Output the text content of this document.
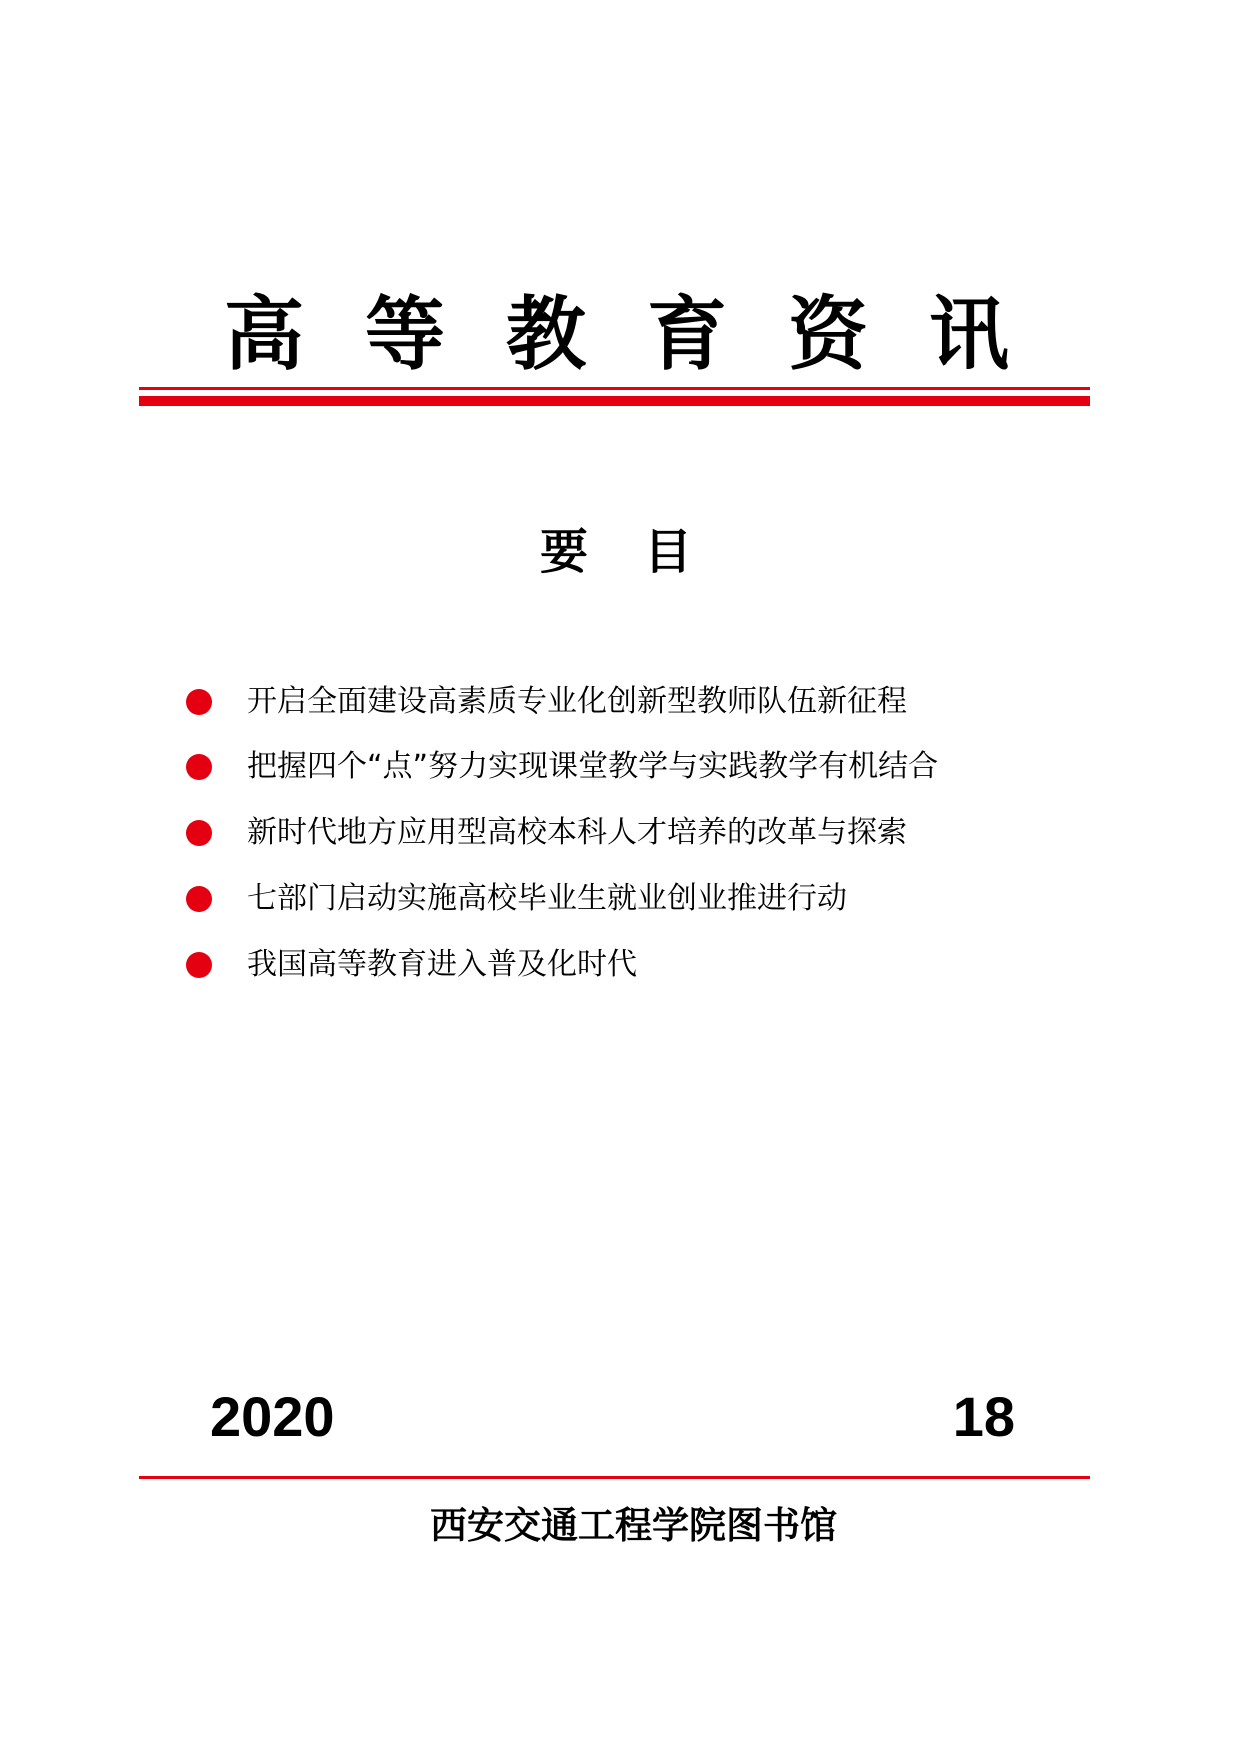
高等教育资讯
要目
开启全面建设高素质专业化创新型教师队伍新征程
把握四个“点”努力实现课堂教学与实践教学有机结合
新时代地方应用型高校本科人才培养的改革与探索
七部门启动实施高校毕业生就业创业推进行动
我国高等教育进入普及化时代
2020	18
西安交通工程学院图书馆
